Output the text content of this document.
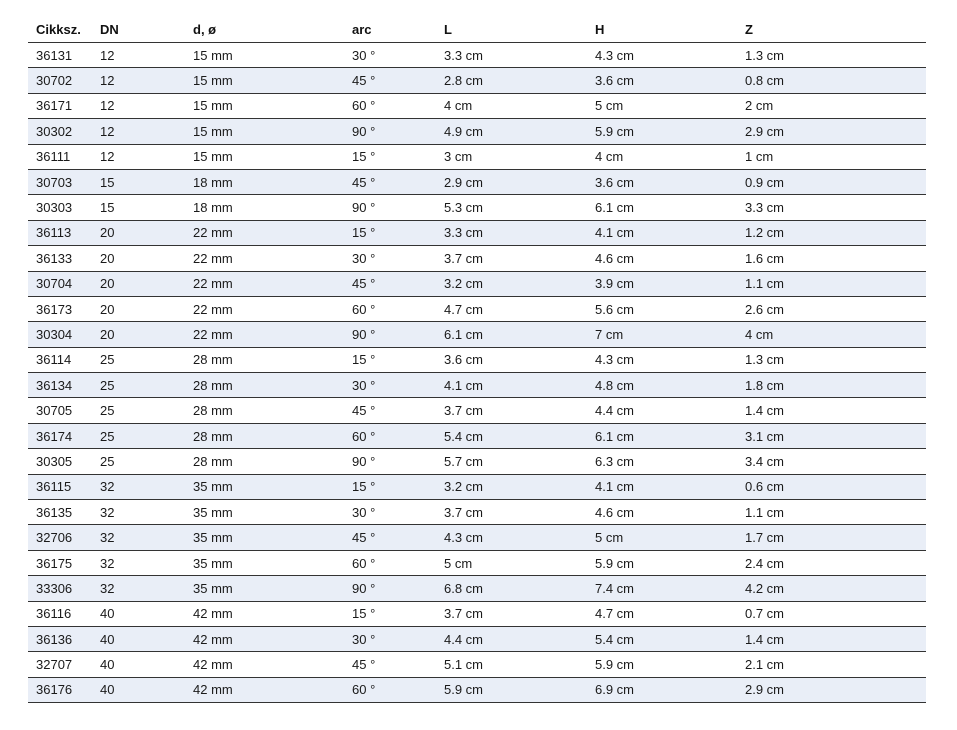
Cikksz.	DN	d, ø	arc	L	H	Z
36131	12	15 mm	30 °	3.3 cm	4.3 cm	1.3 cm
30702	12	15 mm	45 °	2.8 cm	3.6 cm	0.8 cm
36171	12	15 mm	60 °	4 cm	5 cm	2 cm
30302	12	15 mm	90 °	4.9 cm	5.9 cm	2.9 cm
36111	12	15 mm	15 °	3 cm	4 cm	1 cm
30703	15	18 mm	45 °	2.9 cm	3.6 cm	0.9 cm
30303	15	18 mm	90 °	5.3 cm	6.1 cm	3.3 cm
36113	20	22 mm	15 °	3.3 cm	4.1 cm	1.2 cm
36133	20	22 mm	30 °	3.7 cm	4.6 cm	1.6 cm
30704	20	22 mm	45 °	3.2 cm	3.9 cm	1.1 cm
36173	20	22 mm	60 °	4.7 cm	5.6 cm	2.6 cm
30304	20	22 mm	90 °	6.1 cm	7 cm	4 cm
36114	25	28 mm	15 °	3.6 cm	4.3 cm	1.3 cm
36134	25	28 mm	30 °	4.1 cm	4.8 cm	1.8 cm
30705	25	28 mm	45 °	3.7 cm	4.4 cm	1.4 cm
36174	25	28 mm	60 °	5.4 cm	6.1 cm	3.1 cm
30305	25	28 mm	90 °	5.7 cm	6.3 cm	3.4 cm
36115	32	35 mm	15 °	3.2 cm	4.1 cm	0.6 cm
36135	32	35 mm	30 °	3.7 cm	4.6 cm	1.1 cm
32706	32	35 mm	45 °	4.3 cm	5 cm	1.7 cm
36175	32	35 mm	60 °	5 cm	5.9 cm	2.4 cm
33306	32	35 mm	90 °	6.8 cm	7.4 cm	4.2 cm
36116	40	42 mm	15 °	3.7 cm	4.7 cm	0.7 cm
36136	40	42 mm	30 °	4.4 cm	5.4 cm	1.4 cm
32707	40	42 mm	45 °	5.1 cm	5.9 cm	2.1 cm
36176	40	42 mm	60 °	5.9 cm	6.9 cm	2.9 cm
